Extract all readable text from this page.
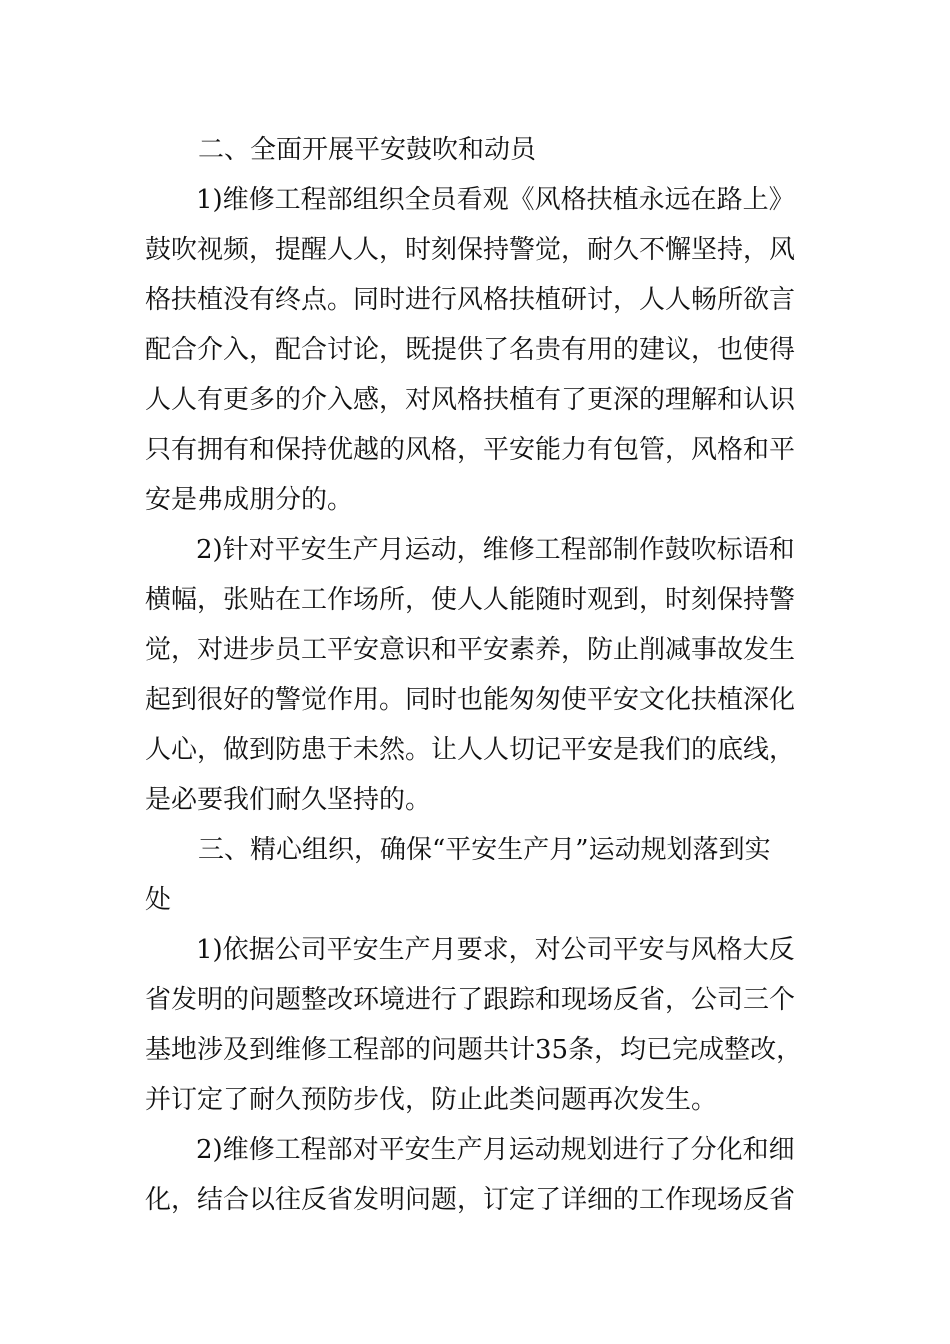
二、全面开展平安鼓吹和动员
1)维修工程部组织全员看观《风格扶植永远在路上》
鼓吹视频，提醒人人，时刻保持警觉，耐久不懈坚持，风
格扶植没有终点。同时进行风格扶植研讨，人人畅所欲言
配合介入，配合讨论，既提供了名贵有用的建议，也使得
人人有更多的介入感，对风格扶植有了更深的理解和认识
只有拥有和保持优越的风格，平安能力有包管，风格和平
安是弗成朋分的。
2)针对平安生产月运动，维修工程部制作鼓吹标语和
横幅，张贴在工作场所，使人人能随时观到，时刻保持警
觉，对进步员工平安意识和平安素养，防止削减事故发生
起到很好的警觉作用。同时也能匆匆使平安文化扶植深化
人心，做到防患于未然。让人人切记平安是我们的底线，
是必要我们耐久坚持的。
三、精心组织，确保“平安生产月”运动规划落到实
处
1)依据公司平安生产月要求，对公司平安与风格大反
省发明的问题整改环境进行了跟踪和现场反省，公司三个
基地涉及到维修工程部的问题共计35条，均已完成整改，
并订定了耐久预防步伐，防止此类问题再次发生。
2)维修工程部对平安生产月运动规划进行了分化和细
化，结合以往反省发明问题，订定了详细的工作现场反省
